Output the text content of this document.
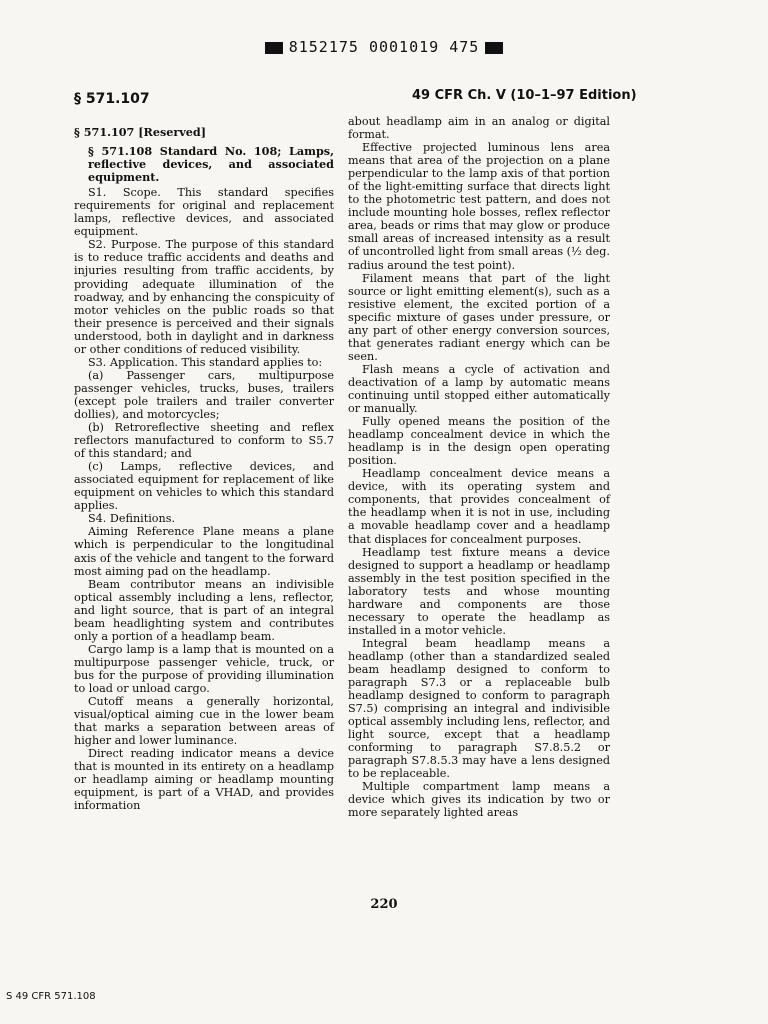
8152175 0001019 475
§ 571.107	49 CFR Ch. V (10–1–97 Edition)

§ 571.107 [Reserved]

§ 571.108 Standard No. 108; Lamps, reflective devices, and associated equipment.

S1. Scope. This standard specifies requirements for original and replacement lamps, reflective devices, and associated equipment.

S2. Purpose. The purpose of this standard is to reduce traffic accidents and deaths and injuries resulting from traffic accidents, by providing adequate illumination of the roadway, and by enhancing the conspicuity of motor vehicles on the public roads so that their presence is perceived and their signals understood, both in daylight and in darkness or other conditions of reduced visibility.

S3. Application. This standard applies to:

(a) Passenger cars, multipurpose passenger vehicles, trucks, buses, trailers (except pole trailers and trailer converter dollies), and motorcycles;

(b) Retroreflective sheeting and reflex reflectors manufactured to conform to S5.7 of this standard; and

(c) Lamps, reflective devices, and associated equipment for replacement of like equipment on vehicles to which this standard applies.

S4. Definitions.

Aiming Reference Plane means a plane which is perpendicular to the longitudinal axis of the vehicle and tangent to the forward most aiming pad on the headlamp.

Beam contributor means an indivisible optical assembly including a lens, reflector, and light source, that is part of an integral beam headlighting system and contributes only a portion of a headlamp beam.

Cargo lamp is a lamp that is mounted on a multipurpose passenger vehicle, truck, or bus for the purpose of providing illumination to load or unload cargo.

Cutoff means a generally horizontal, visual/optical aiming cue in the lower beam that marks a separation between areas of higher and lower luminance.

Direct reading indicator means a device that is mounted in its entirety on a headlamp or headlamp aiming or headlamp mounting equipment, is part of a VHAD, and provides information

about headlamp aim in an analog or digital format.

Effective projected luminous lens area means that area of the projection on a plane perpendicular to the lamp axis of that portion of the light-emitting surface that directs light to the photometric test pattern, and does not include mounting hole bosses, reflex reflector area, beads or rims that may glow or produce small areas of increased intensity as a result of uncontrolled light from small areas (½ deg. radius around the test point).

Filament means that part of the light source or light emitting element(s), such as a resistive element, the excited portion of a specific mixture of gases under pressure, or any part of other energy conversion sources, that generates radiant energy which can be seen.

Flash means a cycle of activation and deactivation of a lamp by automatic means continuing until stopped either automatically or manually.

Fully opened means the position of the headlamp concealment device in which the headlamp is in the design open operating position.

Headlamp concealment device means a device, with its operating system and components, that provides concealment of the headlamp when it is not in use, including a movable headlamp cover and a headlamp that displaces for concealment purposes.

Headlamp test fixture means a device designed to support a headlamp or headlamp assembly in the test position specified in the laboratory tests and whose mounting hardware and components are those necessary to operate the headlamp as installed in a motor vehicle.

Integral beam headlamp means a headlamp (other than a standardized sealed beam headlamp designed to conform to paragraph S7.3 or a replaceable bulb headlamp designed to conform to paragraph S7.5) comprising an integral and indivisible optical assembly including lens, reflector, and light source, except that a headlamp conforming to paragraph S7.8.5.2 or paragraph S7.8.5.3 may have a lens designed to be replaceable.

Multiple compartment lamp means a device which gives its indication by two or more separately lighted areas

220
S 49 CFR 571.108
